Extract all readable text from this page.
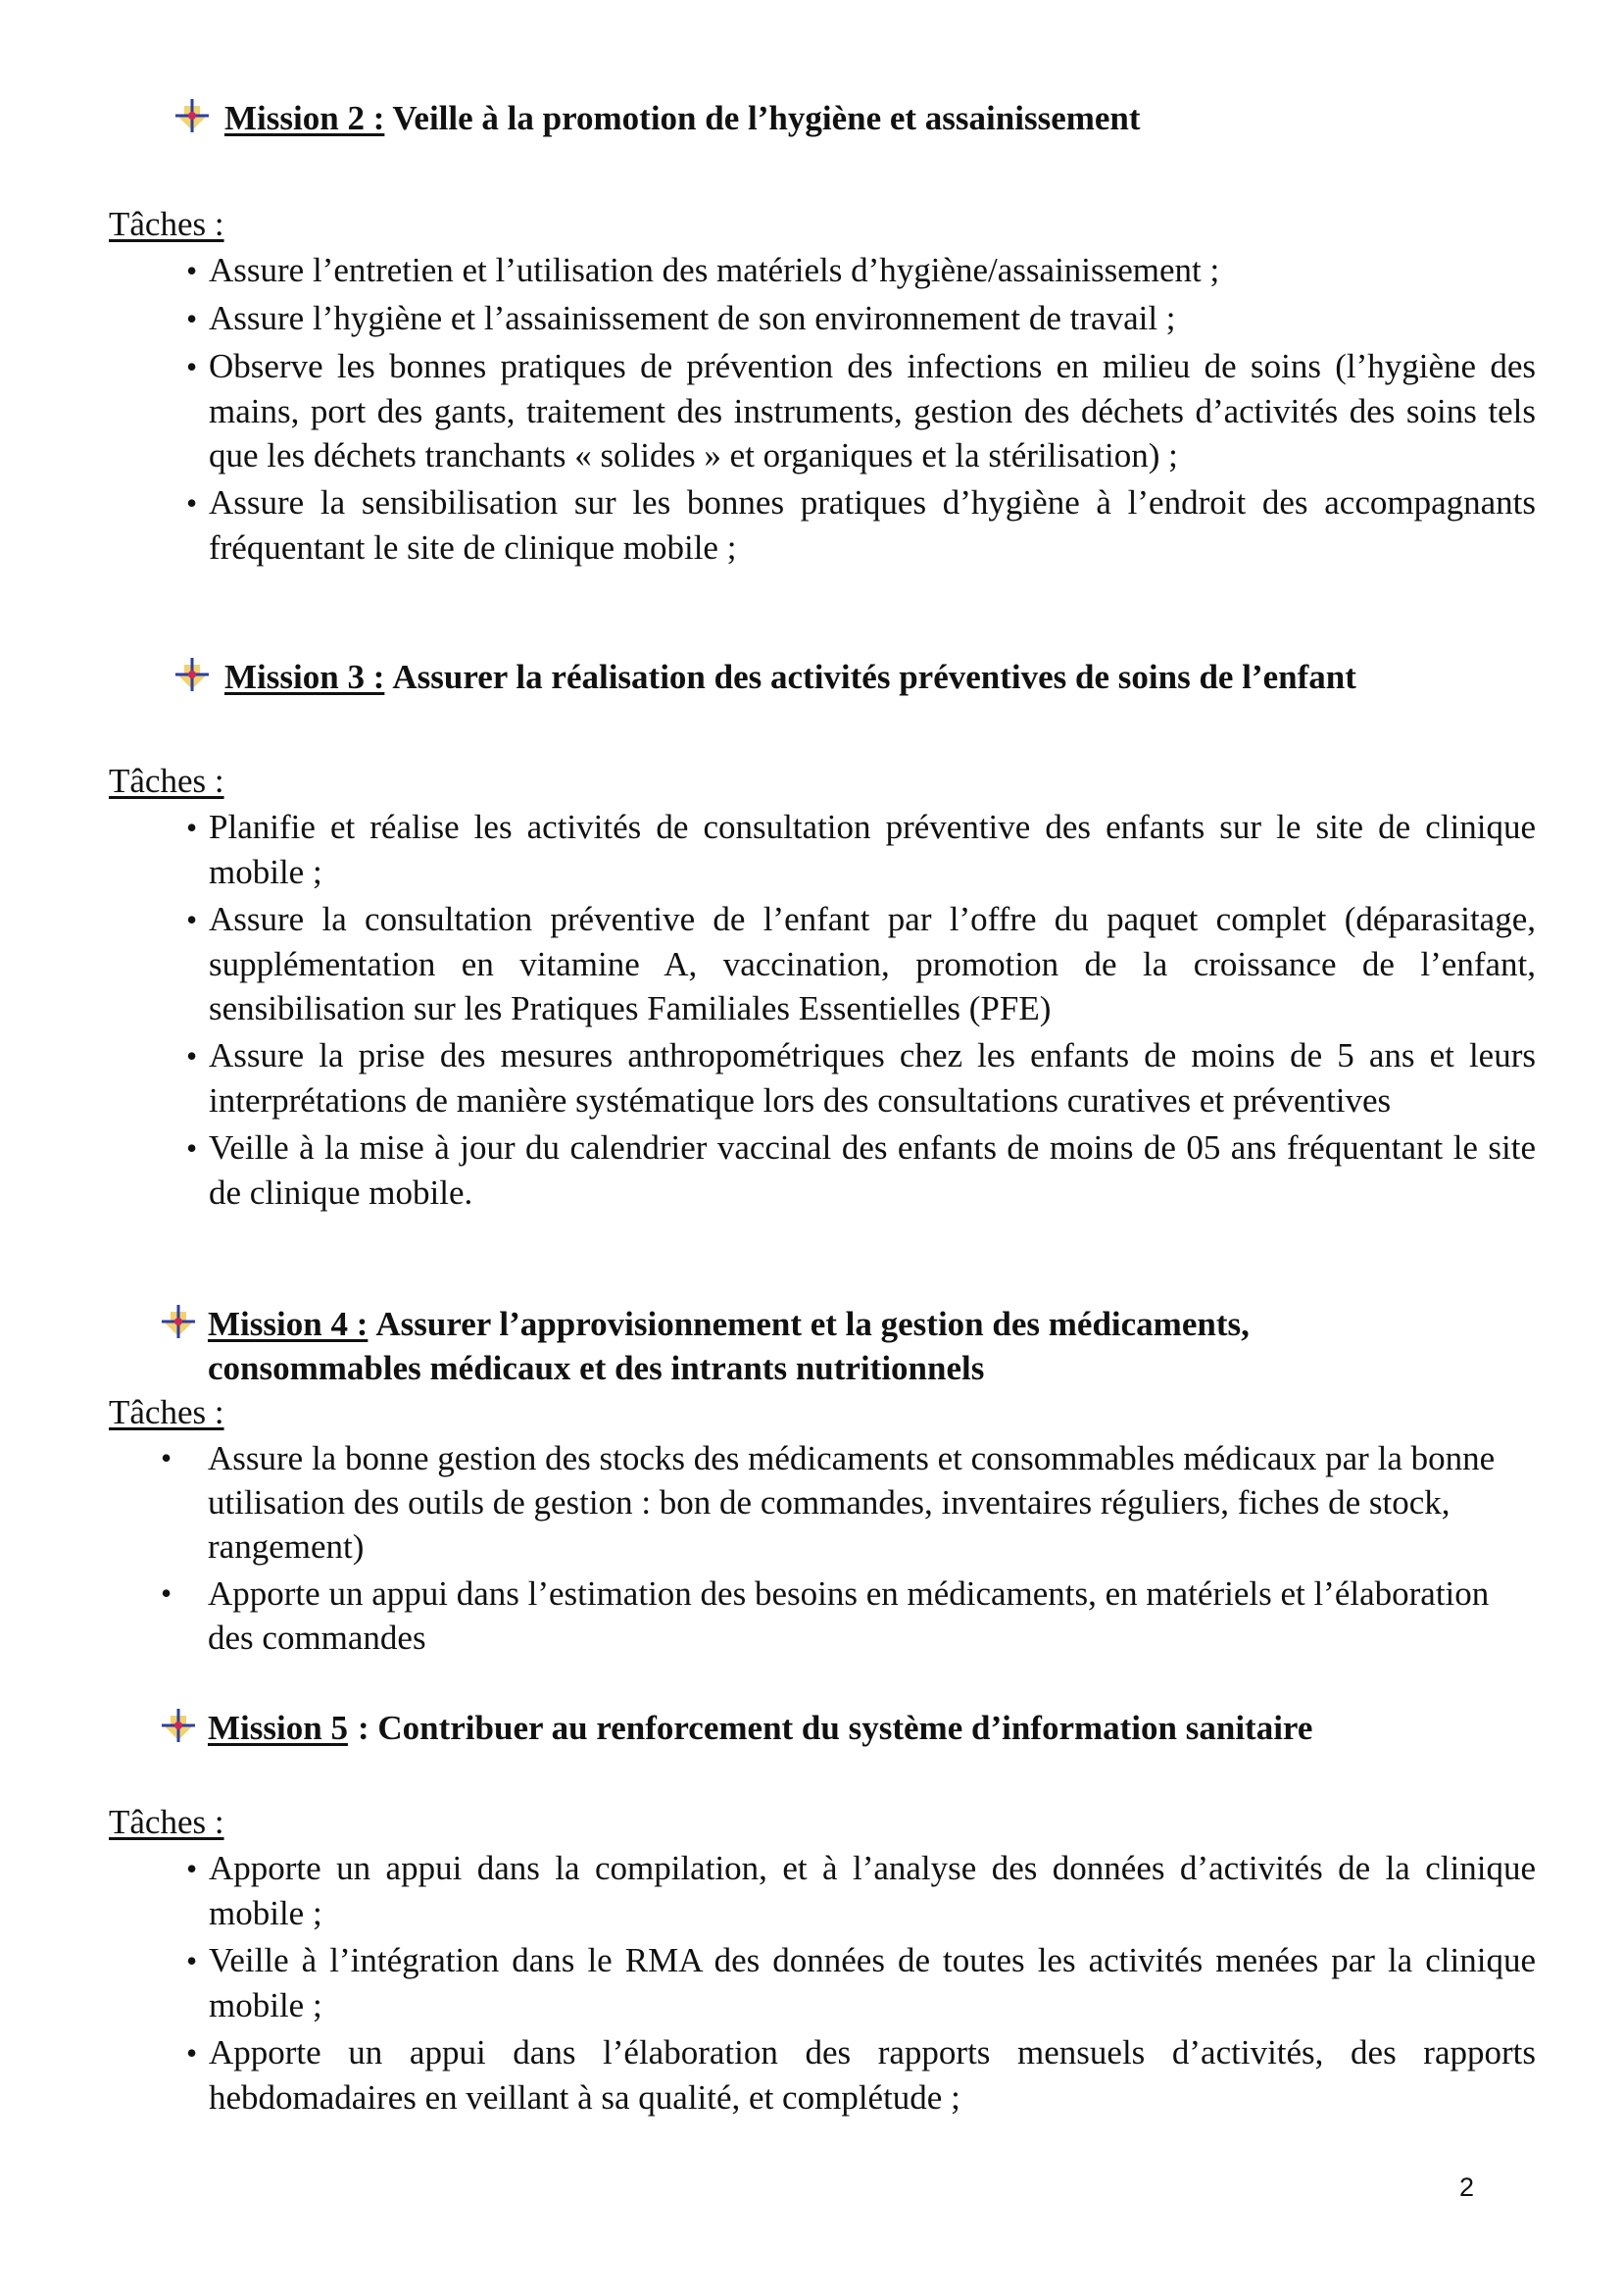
Mission 2 : Veille à la promotion de l’hygiène et assainissement
Tâches :
• Assure l’entretien et l’utilisation des matériels d’hygiène/assainissement ;
• Assure l’hygiène et l’assainissement de son environnement de travail ;
• Observe les bonnes pratiques de prévention des infections en milieu de soins (l’hygiène des mains, port des gants, traitement des instruments, gestion des déchets d’activités des soins tels que les déchets tranchants « solides » et organiques et la stérilisation) ;
• Assure la sensibilisation sur les bonnes pratiques d’hygiène à l’endroit des accompagnants fréquentant le site de clinique mobile ;
Mission 3 : Assurer la réalisation des activités préventives de soins de l’enfant
Tâches :
• Planifie et réalise les activités de consultation préventive des enfants sur le site de clinique mobile ;
• Assure la consultation préventive de l’enfant par l’offre du paquet complet (déparasitage, supplémentation en vitamine A, vaccination, promotion de la croissance de l’enfant, sensibilisation sur les Pratiques Familiales Essentielles (PFE)
• Assure la prise des mesures anthropométriques chez les enfants de moins de 5 ans et leurs interprétations de manière systématique lors des consultations curatives et préventives
• Veille à la mise à jour du calendrier vaccinal des enfants de moins de 05 ans fréquentant le site de clinique mobile.
Mission 4 : Assurer l’approvisionnement et la gestion des médicaments,
consommables médicaux et des intrants nutritionnels
Tâches :
• Assure la bonne gestion des stocks des médicaments et consommables médicaux par la bonne utilisation des outils de gestion : bon de commandes, inventaires réguliers, fiches de stock, rangement)
• Apporte un appui dans l’estimation des besoins en médicaments, en matériels et l’élaboration des commandes
Mission 5 : Contribuer au renforcement du système d’information sanitaire
Tâches :
• Apporte un appui dans la compilation, et à l’analyse des données d’activités de la clinique mobile ;
• Veille à l’intégration dans le RMA des données de toutes les activités menées par la clinique mobile ;
• Apporte un appui dans l’élaboration des rapports mensuels d’activités, des rapports hebdomadaires en veillant à sa qualité, et complétude ;
2
